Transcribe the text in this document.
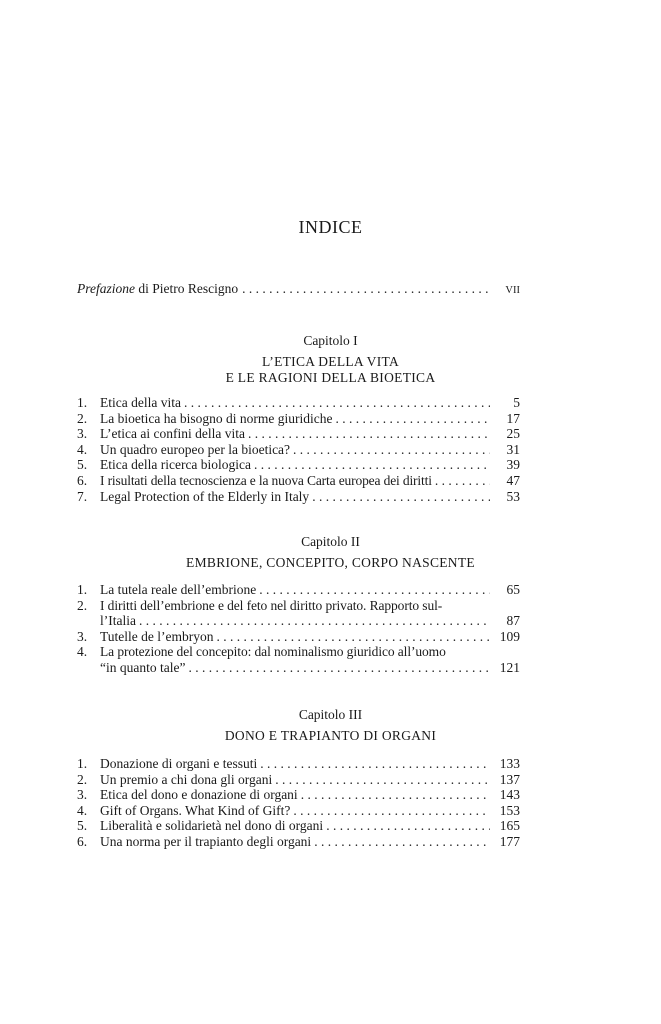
INDICE
Prefazione
di Pietro Rescigno . . .	VII
Capitolo I
L’ETICA DELLA VITA
E LE RAGIONI DELLA BIOETICA
1. Etica della vita . . .	5
2. La bioetica ha bisogno di norme giuridiche . . .	17
3. L’etica ai confini della vita . . .	25
4. Un quadro europeo per la bioetica? . . .	31
5. Etica della ricerca biologica . . .	39
6. I risultati della tecnoscienza e la nuova Carta europea dei diritti . . .	47
7. Legal Protection of the Elderly in Italy . . .	53
Capitolo II
EMBRIONE, CONCEPITO, CORPO NASCENTE
1. La tutela reale dell’embrione . . .	65
2. I diritti dell’embrione e del feto nel diritto privato. Rapporto sul-
l’Italia . . .	87
3. Tutelle de l’embryon . . .	109
4. La protezione del concepito: dal nominalismo giuridico all’uomo
“in quanto tale” . . .	121
Capitolo III
DONO E TRAPIANTO DI ORGANI
1. Donazione di organi e tessuti . . .	133
2. Un premio a chi dona gli organi . . .	137
3. Etica del dono e donazione di organi . . .	143
4. Gift of Organs. What Kind of Gift? . . .	153
5. Liberalità e solidarietà nel dono di organi . . .	165
6. Una norma per il trapianto degli organi . . .	177
